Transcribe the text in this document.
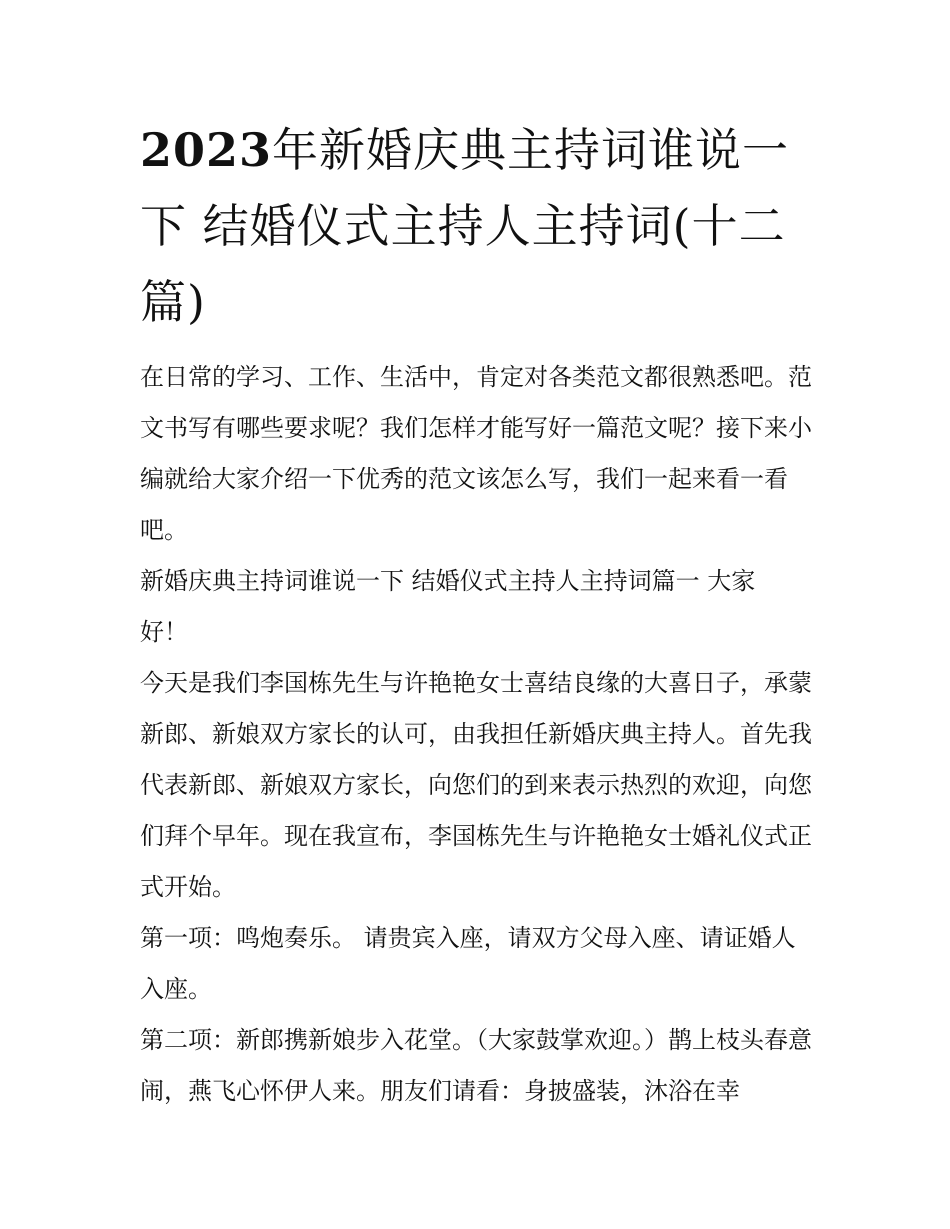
2023年新婚庆典主持词谁说一下 结婚仪式主持人主持词(十二篇)

在日常的学习、工作、生活中，肯定对各类范文都很熟悉吧。范文书写有哪些要求呢？我们怎样才能写好一篇范文呢？接下来小编就给大家介绍一下优秀的范文该怎么写，我们一起来看一看吧。

新婚庆典主持词谁说一下 结婚仪式主持人主持词篇一 大家

好！

今天是我们李国栋先生与许艳艳女士喜结良缘的大喜日子，承蒙新郎、新娘双方家长的认可，由我担任新婚庆典主持人。首先我代表新郎、新娘双方家长，向您们的到来表示热烈的欢迎，向您们拜个早年。现在我宣布，李国栋先生与许艳艳女士婚礼仪式正式开始。

第一项：鸣炮奏乐。 请贵宾入座，请双方父母入座、请证婚人入座。

第二项：新郎携新娘步入花堂。（大家鼓掌欢迎。）鹊上枝头春意闹，燕飞心怀伊人来。朋友们请看：身披盛装，沐浴在幸
